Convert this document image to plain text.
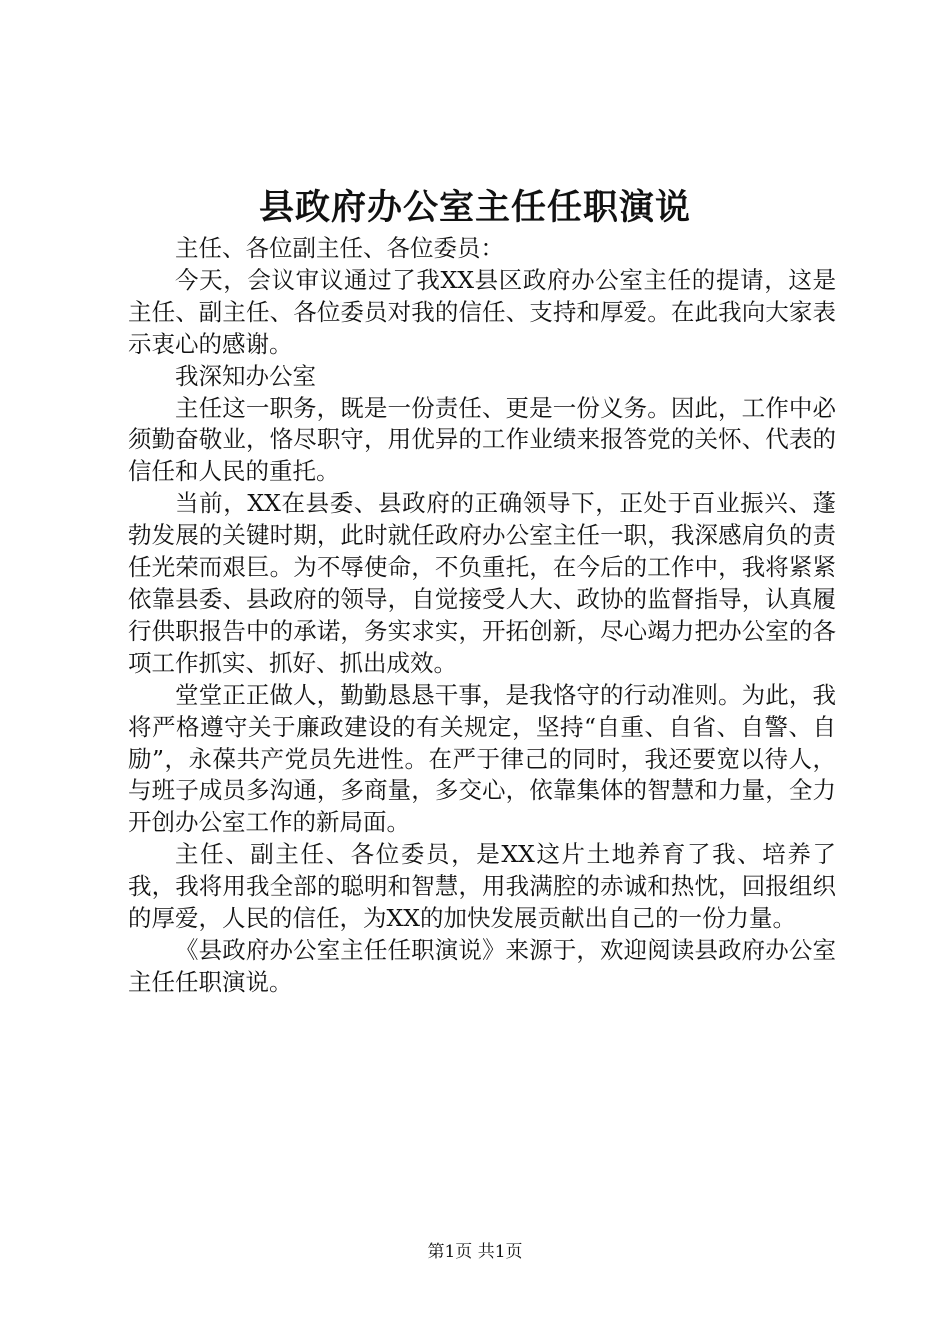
县政府办公室主任任职演说

主任、各位副主任、各位委员：

今天，会议审议通过了我XX县区政府办公室主任的提请，这是主任、副主任、各位委员对我的信任、支持和厚爱。在此我向大家表示衷心的感谢。

我深知办公室

主任这一职务，既是一份责任、更是一份义务。因此，工作中必须勤奋敬业，恪尽职守，用优异的工作业绩来报答党的关怀、代表的信任和人民的重托。

当前，XX在县委、县政府的正确领导下，正处于百业振兴、蓬勃发展的关键时期，此时就任政府办公室主任一职，我深感肩负的责任光荣而艰巨。为不辱使命，不负重托，在今后的工作中，我将紧紧依靠县委、县政府的领导，自觉接受人大、政协的监督指导，认真履行供职报告中的承诺，务实求实，开拓创新，尽心竭力把办公室的各项工作抓实、抓好、抓出成效。

堂堂正正做人，勤勤恳恳干事，是我恪守的行动准则。为此，我将严格遵守关于廉政建设的有关规定，坚持“自重、自省、自警、自励”，永葆共产党员先进性。在严于律己的同时，我还要宽以待人，与班子成员多沟通，多商量，多交心，依靠集体的智慧和力量，全力开创办公室工作的新局面。

主任、副主任、各位委员，是XX这片土地养育了我、培养了我，我将用我全部的聪明和智慧，用我满腔的赤诚和热忱，回报组织的厚爱，人民的信任，为XX的加快发展贡献出自己的一份力量。

《县政府办公室主任任职演说》来源于，欢迎阅读县政府办公室主任任职演说。

第1页 共1页
